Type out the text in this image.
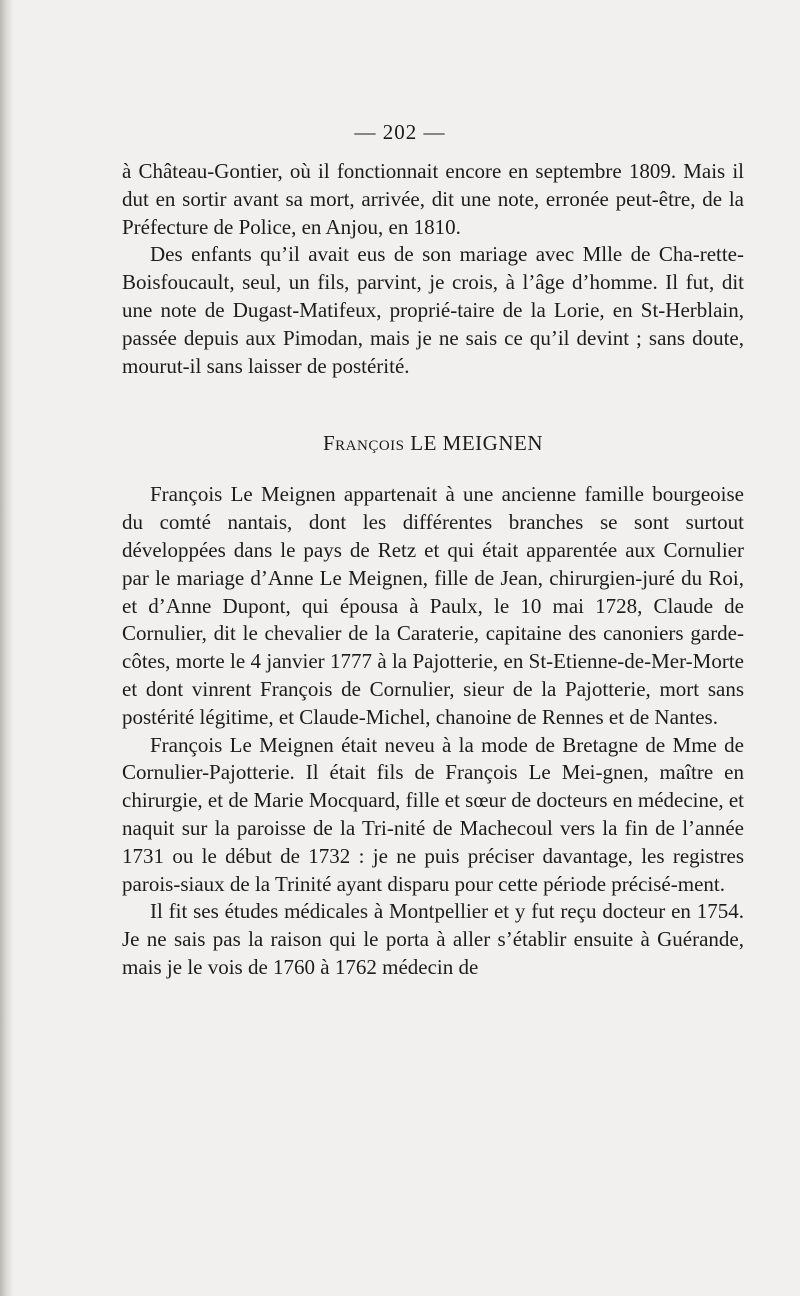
— 202 —

à Château-Gontier, où il fonctionnait encore en septembre 1809. Mais il dut en sortir avant sa mort, arrivée, dit une note, erronée peut-être, de la Préfecture de Police, en Anjou, en 1810.

Des enfants qu’il avait eus de son mariage avec Mlle de Cha-rette-Boisfoucault, seul, un fils, parvint, je crois, à l’âge d’homme. Il fut, dit une note de Dugast-Matifeux, proprié-taire de la Lorie, en St-Herblain, passée depuis aux Pimodan, mais je ne sais ce qu’il devint ; sans doute, mourut-il sans laisser de postérité.

François LE MEIGNEN

François Le Meignen appartenait à une ancienne famille bourgeoise du comté nantais, dont les différentes branches se sont surtout développées dans le pays de Retz et qui était apparentée aux Cornulier par le mariage d’Anne Le Meignen, fille de Jean, chirurgien-juré du Roi, et d’Anne Dupont, qui épousa à Paulx, le 10 mai 1728, Claude de Cornulier, dit le chevalier de la Caraterie, capitaine des canoniers garde-côtes, morte le 4 janvier 1777 à la Pajotterie, en St-Etienne-de-Mer-Morte et dont vinrent François de Cornulier, sieur de la Pajotterie, mort sans postérité légitime, et Claude-Michel, chanoine de Rennes et de Nantes.

François Le Meignen était neveu à la mode de Bretagne de Mme de Cornulier-Pajotterie. Il était fils de François Le Mei-gnen, maître en chirurgie, et de Marie Mocquard, fille et sœur de docteurs en médecine, et naquit sur la paroisse de la Tri-nité de Machecoul vers la fin de l’année 1731 ou le début de 1732 : je ne puis préciser davantage, les registres parois-siaux de la Trinité ayant disparu pour cette période précisé-ment.

Il fit ses études médicales à Montpellier et y fut reçu docteur en 1754. Je ne sais pas la raison qui le porta à aller s’établir ensuite à Guérande, mais je le vois de 1760 à 1762 médecin de
